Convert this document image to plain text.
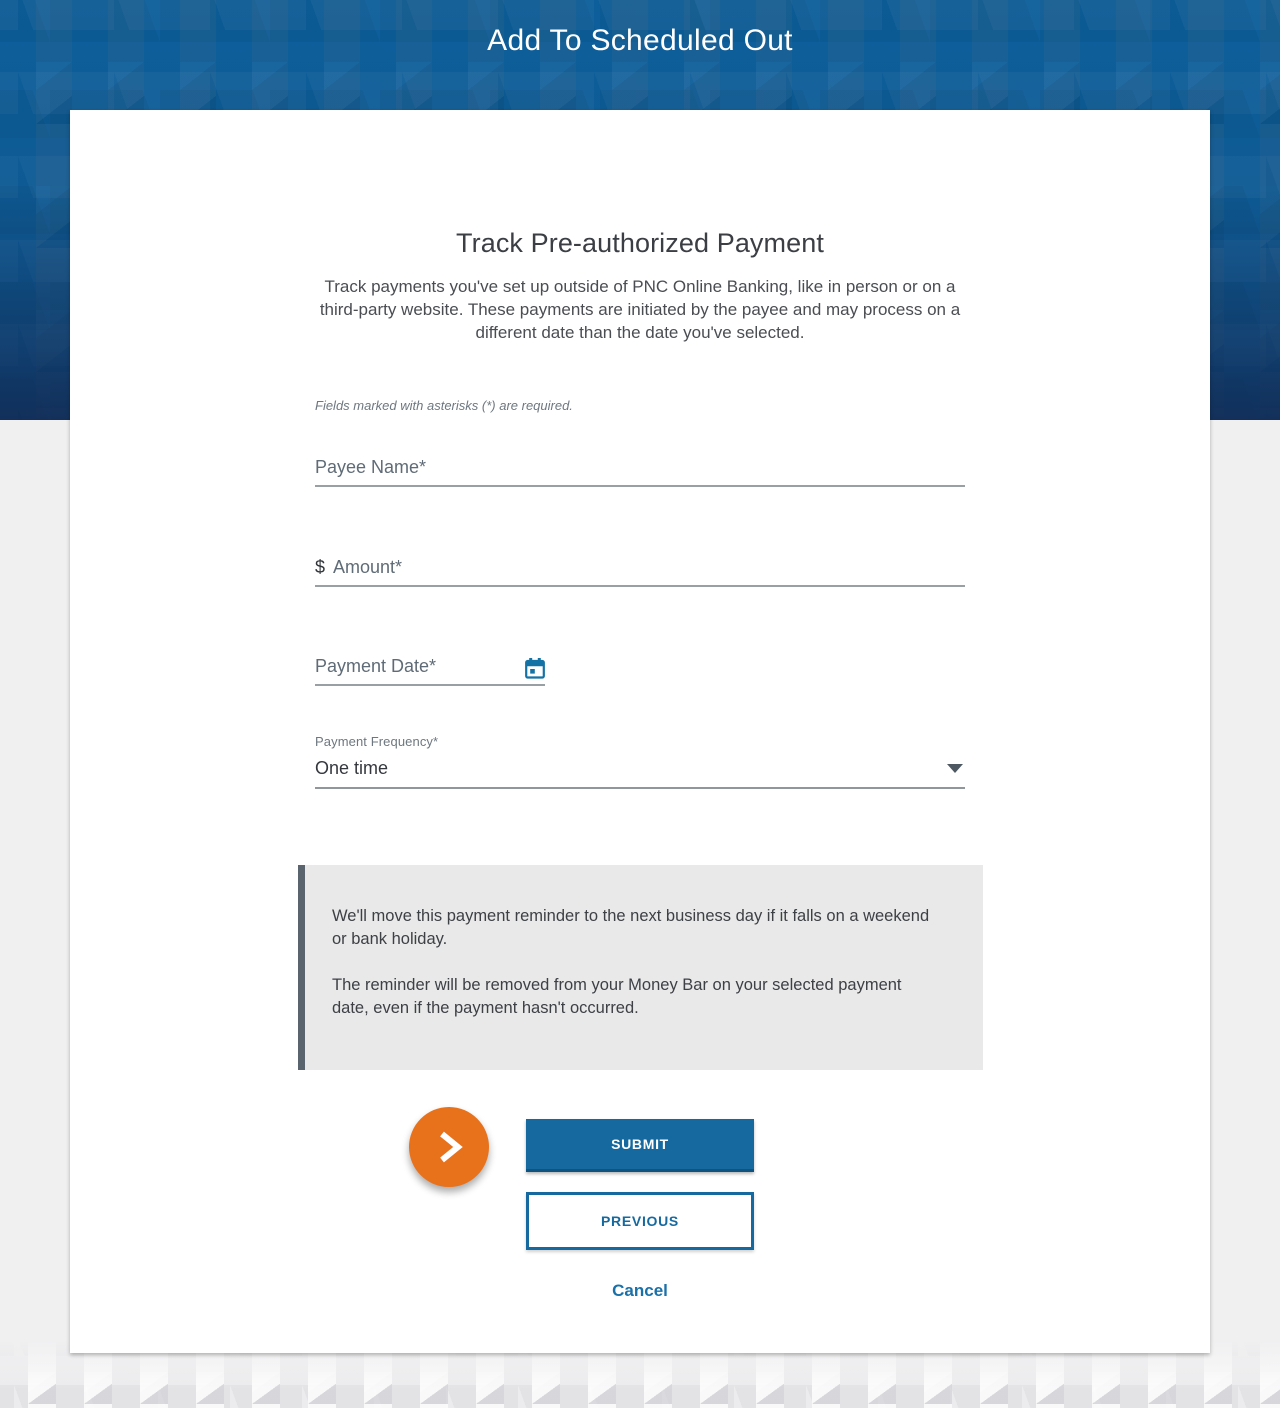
Add To Scheduled Out
Track Pre-authorized Payment

Track payments you've set up outside of PNC Online Banking, like in person or on a third-party website. These payments are initiated by the payee and may process on a different date than the date you've selected.

Fields marked with asterisks (*) are required.

Payee Name*
$
Amount*
Payment Date*
Payment Frequency*
One time

We'll move this payment reminder to the next business day if it falls on a weekend or bank holiday.

The reminder will be removed from your Money Bar on your selected payment date, even if the payment hasn't occurred.

SUBMIT
PREVIOUS
Cancel
